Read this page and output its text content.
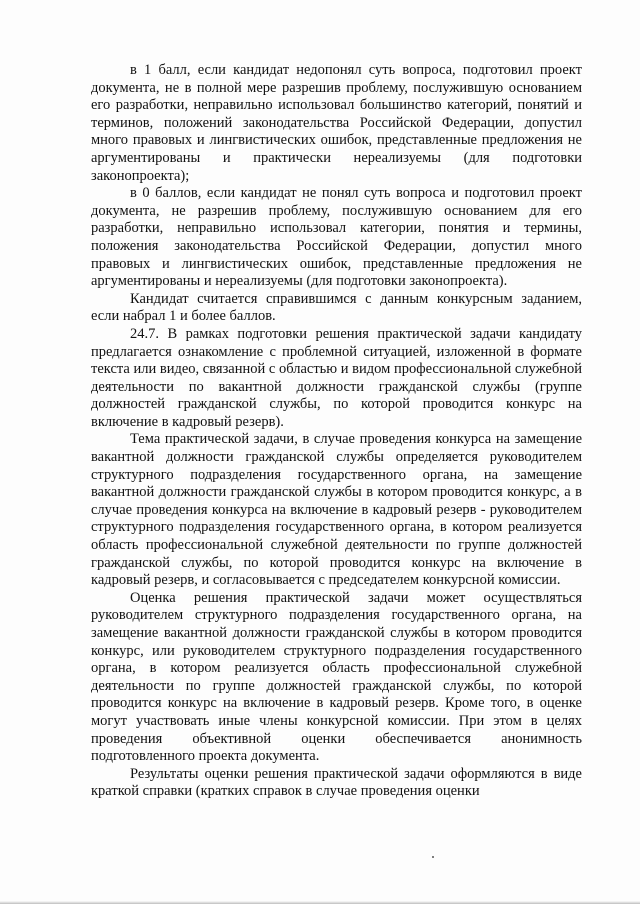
в 1 балл, если кандидат недопонял суть вопроса, подготовил проект документа, не в полной мере разрешив проблему, послужившую основанием его разработки, неправильно использовал большинство категорий, понятий и терминов, положений законодательства Российской Федерации, допустил много правовых и лингвистических ошибок, представленные предложения не аргументированы и практически нереализуемы (для подготовки законопроекта);

в 0 баллов, если кандидат не понял суть вопроса и подготовил проект документа, не разрешив проблему, послужившую основанием для его разработки, неправильно использовал категории, понятия и термины, положения законодательства Российской Федерации, допустил много правовых и лингвистических ошибок, представленные предложения не аргументированы и нереализуемы (для подготовки законопроекта).

Кандидат считается справившимся с данным конкурсным заданием, если набрал 1 и более баллов.

24.7. В рамках подготовки решения практической задачи кандидату предлагается ознакомление с проблемной ситуацией, изложенной в формате текста или видео, связанной с областью и видом профессиональной служебной деятельности по вакантной должности гражданской службы (группе должностей гражданской службы, по которой проводится конкурс на включение в кадровый резерв).

Тема практической задачи, в случае проведения конкурса на замещение вакантной должности гражданской службы определяется руководителем структурного подразделения государственного органа, на замещение вакантной должности гражданской службы в котором проводится конкурс, а в случае проведения конкурса на включение в кадровый резерв - руководителем структурного подразделения государственного органа, в котором реализуется область профессиональной служебной деятельности по группе должностей гражданской службы, по которой проводится конкурс на включение в кадровый резерв, и согласовывается с председателем конкурсной комиссии.

Оценка решения практической задачи может осуществляться руководителем структурного подразделения государственного органа, на замещение вакантной должности гражданской службы в котором проводится конкурс, или руководителем структурного подразделения государственного органа, в котором реализуется область профессиональной служебной деятельности по группе должностей гражданской службы, по которой проводится конкурс на включение в кадровый резерв. Кроме того, в оценке могут участвовать иные члены конкурсной комиссии. При этом в целях проведения объективной оценки обеспечивается анонимность подготовленного проекта документа.

Результаты оценки решения практической задачи оформляются в виде краткой справки (кратких справок в случае проведения оценки
